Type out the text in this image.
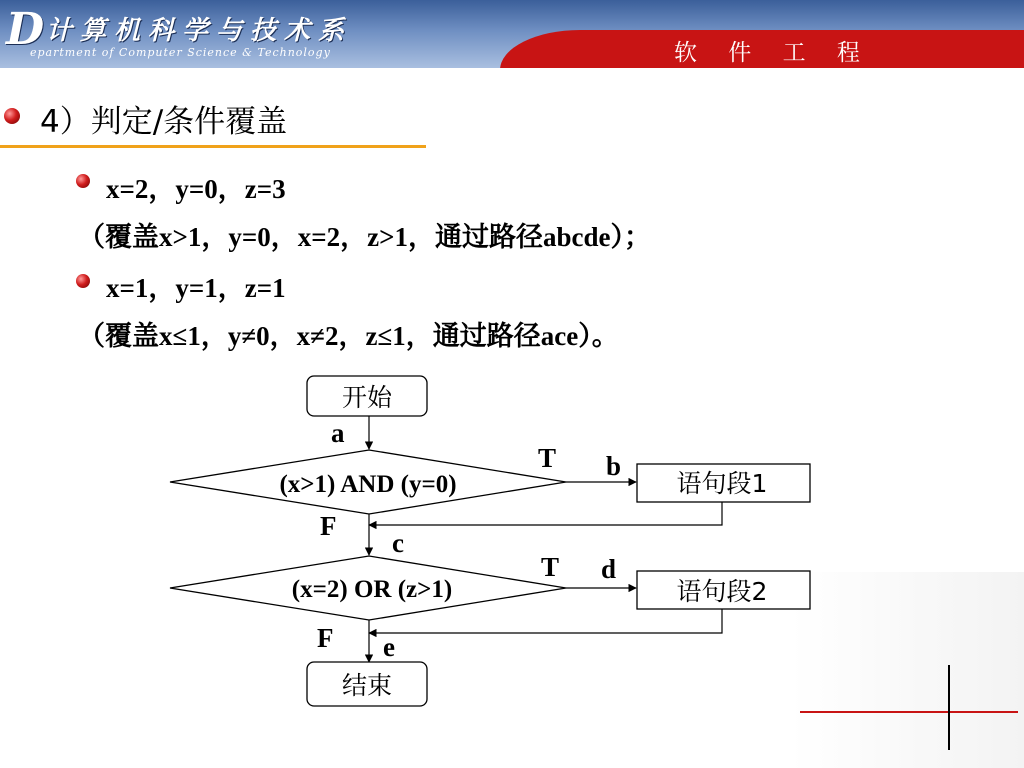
D 计算机科学与技术系
epartment of Computer Science & Technology	软 件 工 程
4）判定/条件覆盖
x=2，y=0，z=3
（覆盖x>1，y=0，x=2，z>1，通过路径abcde）；
x=1，y=1，z=1
（覆盖x≤1，y≠0，x≠2，z≤1，通过路径ace）。
开始
a
(x>1) AND (y=0)
T b
语句段1
F
c
(x=2) OR (z>1)
T d
语句段2
F e
结束
